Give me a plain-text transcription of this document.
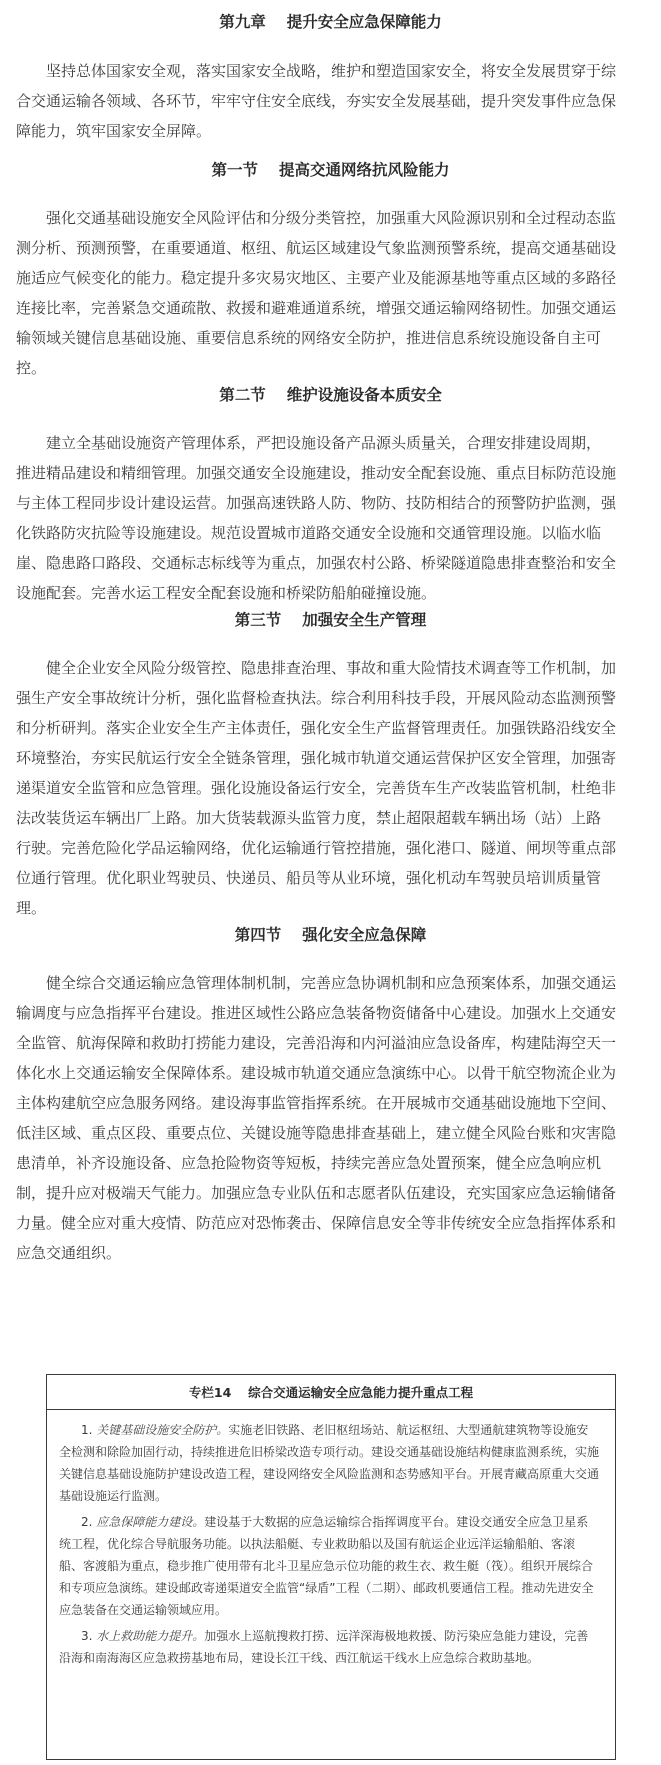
第九章　 提升安全应急保障能力
　　坚持总体国家安全观，落实国家安全战略，维护和塑造国家安全，将安全发展贯穿于综
合交通运输各领域、各环节，牢牢守住安全底线，夯实安全发展基础，提升突发事件应急保
障能力，筑牢国家安全屏障。
第一节　 提高交通网络抗风险能力
　　强化交通基础设施安全风险评估和分级分类管控，加强重大风险源识别和全过程动态监
测分析、预测预警，在重要通道、枢纽、航运区域建设气象监测预警系统，提高交通基础设
施适应气候变化的能力。稳定提升多灾易灾地区、主要产业及能源基地等重点区域的多路径
连接比率，完善紧急交通疏散、救援和避难通道系统，增强交通运输网络韧性。加强交通运
输领域关键信息基础设施、重要信息系统的网络安全防护，推进信息系统设施设备自主可
控。
第二节　 维护设施设备本质安全
　　建立全基础设施资产管理体系，严把设施设备产品源头质量关，合理安排建设周期，
推进精品建设和精细管理。加强交通安全设施建设，推动安全配套设施、重点目标防范设施
与主体工程同步设计建设运营。加强高速铁路人防、物防、技防相结合的预警防护监测，强
化铁路防灾抗险等设施建设。规范设置城市道路交通安全设施和交通管理设施。以临水临
崖、隐患路口路段、交通标志标线等为重点，加强农村公路、桥梁隧道隐患排查整治和安全
设施配套。完善水运工程安全配套设施和桥梁防船舶碰撞设施。
第三节　 加强安全生产管理
　　健全企业安全风险分级管控、隐患排查治理、事故和重大险情技术调查等工作机制，加
强生产安全事故统计分析，强化监督检查执法。综合利用科技手段，开展风险动态监测预警
和分析研判。落实企业安全生产主体责任，强化安全生产监督管理责任。加强铁路沿线安全
环境整治，夯实民航运行安全全链条管理，强化城市轨道交通运营保护区安全管理，加强寄
递渠道安全监管和应急管理。强化设施设备运行安全，完善货车生产改装监管机制，杜绝非
法改装货运车辆出厂上路。加大货装载源头监管力度，禁止超限超载车辆出场（站）上路
行驶。完善危险化学品运输网络，优化运输通行管控措施，强化港口、隧道、闸坝等重点部
位通行管理。优化职业驾驶员、快递员、船员等从业环境，强化机动车驾驶员培训质量管
理。
第四节　 强化安全应急保障
　　健全综合交通运输应急管理体制机制，完善应急协调机制和应急预案体系，加强交通运
输调度与应急指挥平台建设。推进区域性公路应急装备物资储备中心建设。加强水上交通安
全监管、航海保障和救助打捞能力建设，完善沿海和内河溢油应急设备库，构建陆海空天一
体化水上交通运输安全保障体系。建设城市轨道交通应急演练中心。以骨干航空物流企业为
主体构建航空应急服务网络。建设海事监管指挥系统。在开展城市交通基础设施地下空间、
低洼区域、重点区段、重要点位、关键设施等隐患排查基础上，建立健全风险台账和灾害隐
患清单，补齐设施设备、应急抢险物资等短板，持续完善应急处置预案，健全应急响应机
制，提升应对极端天气能力。加强应急专业队伍和志愿者队伍建设，充实国家应急运输储备
力量。健全应对重大疫情、防范应对恐怖袭击、保障信息安全等非传统安全应急指挥体系和
应急交通组织。
专栏14　 综合交通运输安全应急能力提升重点工程
1. 关键基础设施安全防护。实施老旧铁路、老旧枢纽场站、航运枢纽、大型通航建筑物等设施安
全检测和除险加固行动，持续推进危旧桥梁改造专项行动。建设交通基础设施结构健康监测系统，实施
关键信息基础设施防护建设改造工程，建设网络安全风险监测和态势感知平台。开展青藏高原重大交通
基础设施运行监测。
2. 应急保障能力建设。建设基于大数据的应急运输综合指挥调度平台。建设交通安全应急卫星系
统工程，优化综合导航服务功能。以执法船艇、专业救助船以及国有航运企业远洋运输船舶、客滚
船、客渡船为重点，稳步推广使用带有北斗卫星应急示位功能的救生衣、救生艇（筏）。组织开展综合
和专项应急演练。建设邮政寄递渠道安全监管“绿盾”工程（二期）、邮政机要通信工程。推动先进安全
应急装备在交通运输领域应用。
3. 水上救助能力提升。加强水上巡航搜救打捞、远洋深海极地救援、防污染应急能力建设，完善
沿海和南海海区应急救捞基地布局，建设长江干线、西江航运干线水上应急综合救助基地。
